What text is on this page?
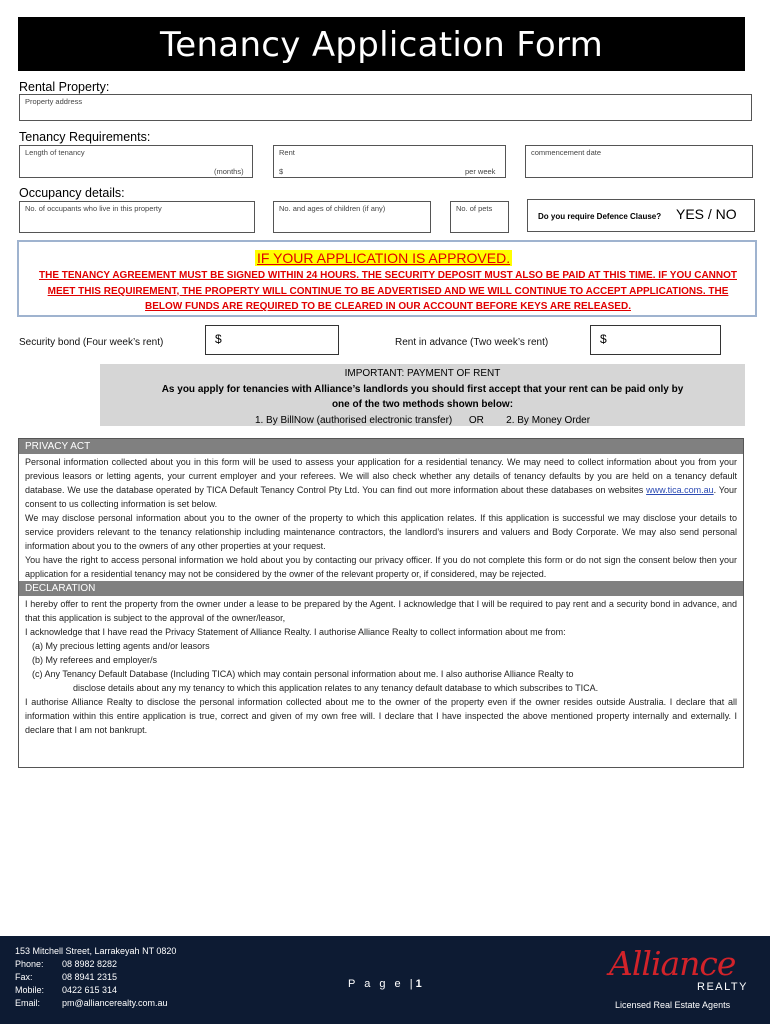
Tenancy Application Form
Rental Property:
Property address
Tenancy Requirements:
Length of tenancy
(months)
Rent
$	per week
commencement date
Occupancy details:
No. of occupants who live in this property	No. and ages of children (if any)	No. of pets
Do you require Defence Clause? YES / NO
IF YOUR APPLICATION IS APPROVED.
THE TENANCY AGREEMENT MUST BE SIGNED WITHIN 24 HOURS. THE SECURITY DEPOSIT MUST ALSO BE PAID AT THIS TIME. IF YOU CANNOT
MEET THIS REQUIREMENT, THE PROPERTY WILL CONTINUE TO BE ADVERTISED AND WE WILL CONTINUE TO ACCEPT APPLICATIONS. THE
BELOW FUNDS ARE REQUIRED TO BE CLEARED IN OUR ACCOUNT BEFORE KEYS ARE RELEASED.
Security bond (Four week’s rent)	$	Rent in advance (Two week’s rent)	$
IMPORTANT: PAYMENT OF RENT
As you apply for tenancies with Alliance’s landlords you should first accept that your rent can be paid only by
one of the two methods shown below:
1. By BillNow (authorised electronic transfer)      OR        2. By Money Order
PRIVACY ACT

Personal information collected about you in this form will be used to assess your application for a residential tenancy. We may need to collect information about you from your previous leasors or letting agents, your current employer and your referees. We will also check whether any details of tenancy defaults by you are held on a tenancy default database. We use the database operated by TICA Default Tenancy Control Pty Ltd. You can find out more information about these databases on websites www.tica.com.au. Your consent to us collecting information is set below.

We may disclose personal information about you to the owner of the property to which this application relates. If this application is successful we may disclose your details to service providers relevant to the tenancy relationship including maintenance contractors, the landlord’s insurers and valuers and Body Corporate. We may also send personal information about you to the owners of any other properties at your request.

You have the right to access personal information we hold about you by contacting our privacy officer. If you do not complete this form or do not sign the consent below then your application for a residential tenancy may not be considered by the owner of the relevant property or, if considered, may be rejected.

DECLARATION

I hereby offer to rent the property from the owner under a lease to be prepared by the Agent. I acknowledge that I will be required to pay rent and a security bond in advance, and that this application is subject to the approval of the owner/leasor,

I acknowledge that I have read the Privacy Statement of Alliance Realty. I authorise Alliance Realty to collect information about me from:

(a) My precious letting agents and/or leasors

(b) My referees and employer/s

(c) Any Tenancy Default Database (Including TICA) which may contain personal information about me. I also authorise Alliance Realty to

disclose details about any my tenancy to which this application relates to any tenancy default database to which subscribes to TICA.

I authorise Alliance Realty to disclose the personal information collected about me to the owner of the property even if the owner resides outside Australia. I declare that all information within this entire application is true, correct and given of my own free will. I declare that I have inspected the above mentioned property internally and externally. I declare that I am not bankrupt.

153 Mitchell Street, Larrakeyah NT 0820
Phone:	08 8982 8282
Fax:	08 8941 2315
Mobile:	0422 615 314
Email:	pm@alliancerealty.com.au
P a g e |1
Alliance
REALTY
Licensed Real Estate Agents
